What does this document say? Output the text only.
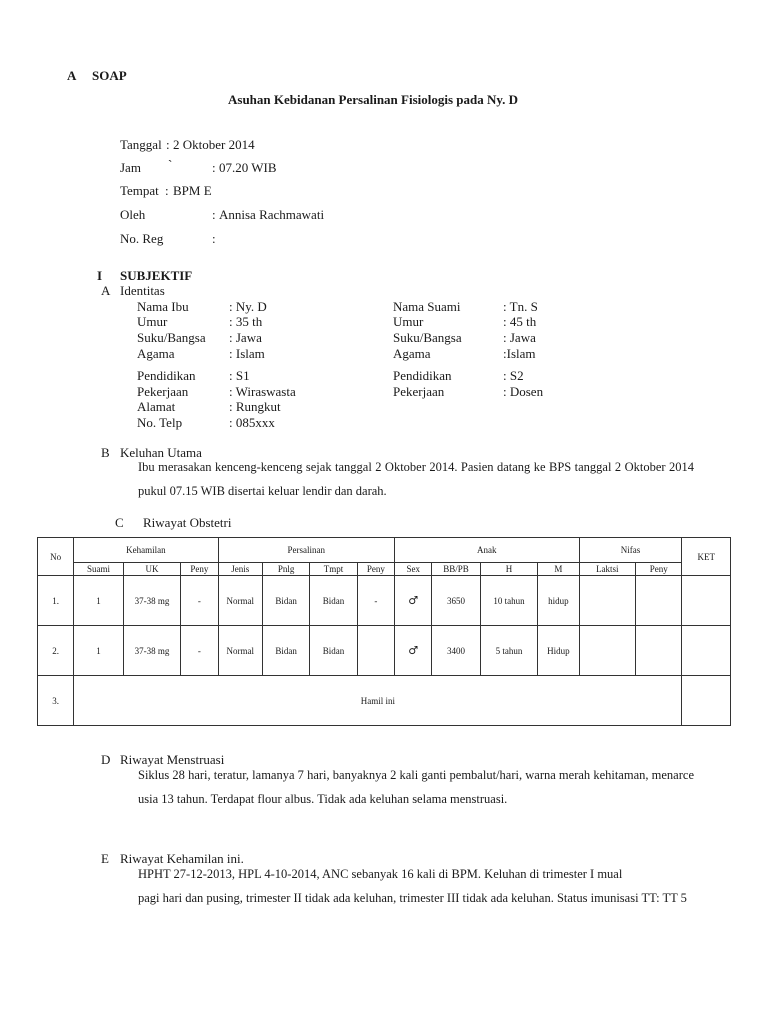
A SOAP
Asuhan Kebidanan Persalinan Fisiologis pada Ny. D
Tanggal : 2 Oktober 2014
Jam `	: 07.20 WIB
Tempat : BPM E
Oleh	: Annisa Rachmawati
No. Reg	:
I SUBJEKTIF
A Identitas
Nama Ibu	: Ny. D
Umur	: 35 th
Suku/Bangsa : Jawa
Agama	: Islam
Pendidikan	: S1
Pekerjaan	: Wiraswasta
Alamat	: Rungkut
No. Telp	: 085xxx
Nama Suami	: Tn. S
Umur	: 45 th
Suku/Bangsa	: Jawa
Agama	:Islam
Pendidikan	: S2
Pekerjaan	: Dosen
B Keluhan Utama
Ibu merasakan kenceng-kenceng sejak tanggal 2 Oktober 2014. Pasien datang ke BPS tanggal 2 Oktober 2014 pukul 07.15 WIB disertai keluar lendir dan darah.
C Riwayat Obstetri
No	Kehamilan			Persalinan				Anak				Nifas		KET
	Suami	UK	Peny	Jenis	Pnlg	Tmpt	Peny	Sex	BB/PB	H	M	Laktsi	Peny	
1.	1	37-38 mg	-	Normal	Bidan	Bidan	-	♂	3650	10 tahun	hidup			
2.	1	37-38 mg	-	Normal	Bidan	Bidan		♂	3400	5 tahun	Hidup			
3.	Hamil ini													
D Riwayat Menstruasi
Siklus 28 hari, teratur, lamanya 7 hari, banyaknya 2 kali ganti pembalut/hari, warna merah kehitaman, menarce usia 13 tahun. Terdapat flour albus. Tidak ada keluhan selama menstruasi.
E Riwayat Kehamilan ini.
HPHT 27-12-2013, HPL 4-10-2014, ANC sebanyak 16 kali di BPM. Keluhan di trimester I mual
pagi hari dan pusing, trimester II tidak ada keluhan, trimester III tidak ada keluhan. Status imunisasi TT: TT 5
